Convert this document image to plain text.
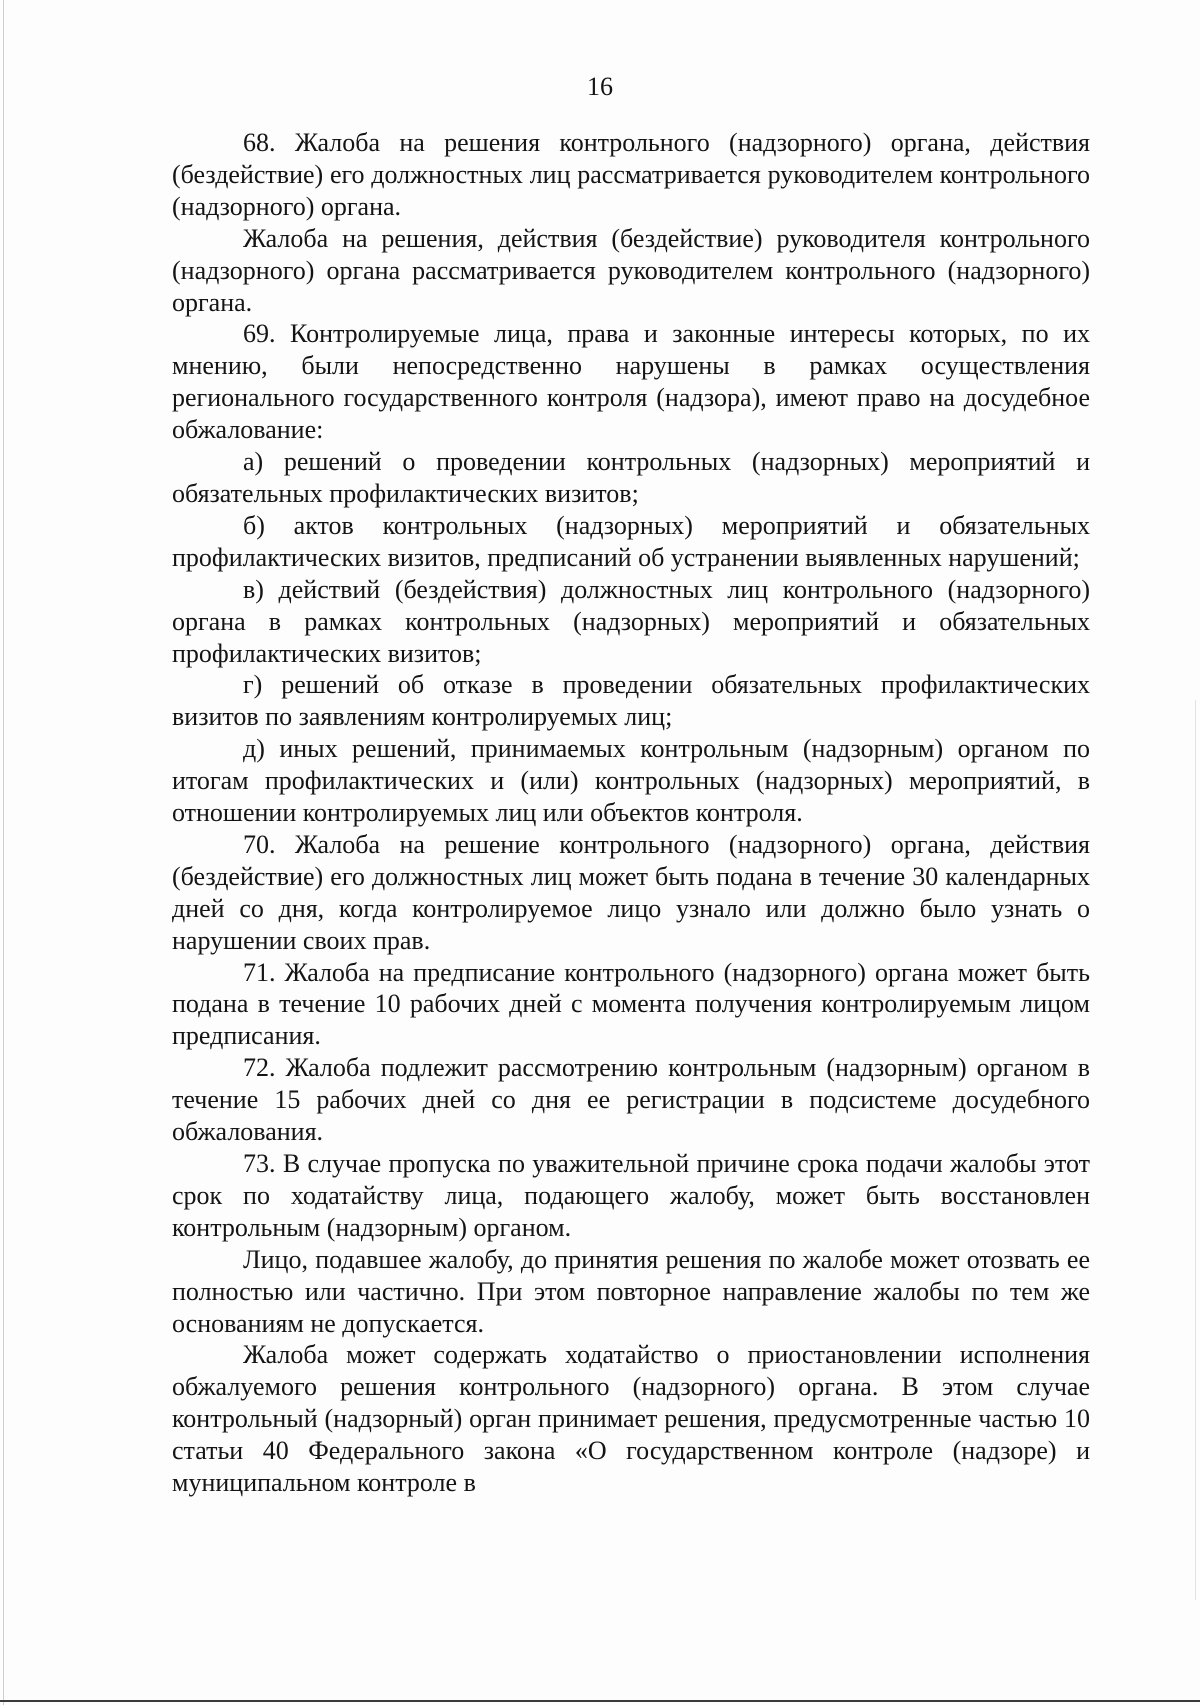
16

68. Жалоба на решения контрольного (надзорного) органа, действия (бездействие) его должностных лиц рассматривается руководителем контрольного (надзорного) органа.

Жалоба на решения, действия (бездействие) руководителя контрольного (надзорного) органа рассматривается руководителем контрольного (надзорного) органа.

69. Контролируемые лица, права и законные интересы которых, по их мнению, были непосредственно нарушены в рамках осуществления регионального государственного контроля (надзора), имеют право на досудебное обжалование:

а) решений о проведении контрольных (надзорных) мероприятий и обязательных профилактических визитов;

б) актов контрольных (надзорных) мероприятий и обязательных профилактических визитов, предписаний об устранении выявленных нарушений;

в) действий (бездействия) должностных лиц контрольного (надзорного) органа в рамках контрольных (надзорных) мероприятий и обязательных профилактических визитов;

г) решений об отказе в проведении обязательных профилактических визитов по заявлениям контролируемых лиц;

д) иных решений, принимаемых контрольным (надзорным) органом по итогам профилактических и (или) контрольных (надзорных) мероприятий, в отношении контролируемых лиц или объектов контроля.

70. Жалоба на решение контрольного (надзорного) органа, действия (бездействие) его должностных лиц может быть подана в течение 30 календарных дней со дня, когда контролируемое лицо узнало или должно было узнать о нарушении своих прав.

71. Жалоба на предписание контрольного (надзорного) органа может быть подана в течение 10 рабочих дней с момента получения контролируемым лицом предписания.

72. Жалоба подлежит рассмотрению контрольным (надзорным) органом в течение 15 рабочих дней со дня ее регистрации в подсистеме досудебного обжалования.

73. В случае пропуска по уважительной причине срока подачи жалобы этот срок по ходатайству лица, подающего жалобу, может быть восстановлен контрольным (надзорным) органом.

Лицо, подавшее жалобу, до принятия решения по жалобе может отозвать ее полностью или частично. При этом повторное направление жалобы по тем же основаниям не допускается.

Жалоба может содержать ходатайство о приостановлении исполнения обжалуемого решения контрольного (надзорного) органа. В этом случае контрольный (надзорный) орган принимает решения, предусмотренные частью 10 статьи 40 Федерального закона «О государственном контроле (надзоре) и муниципальном контроле в
